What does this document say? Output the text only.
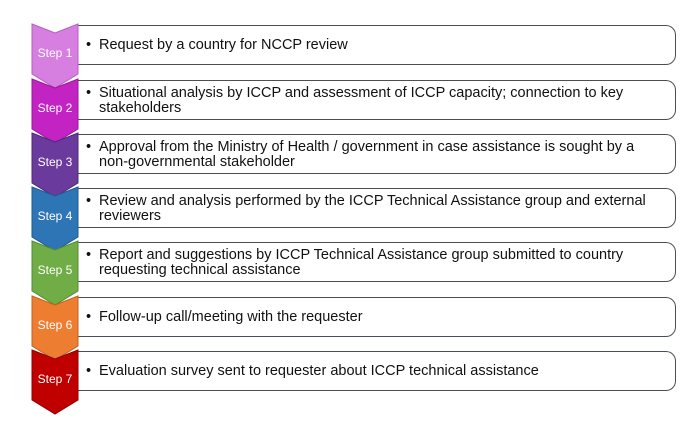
• Request by a country for NCCP review
Step 1
• Situational analysis by ICCP and assessment of ICCP capacity; connection to key stakeholders
Step 2
• Approval from the Ministry of Health / government in case assistance is sought by a non-governmental stakeholder
Step 3
• Review and analysis performed by the ICCP Technical Assistance group and external reviewers
Step 4
• Report and suggestions by ICCP Technical Assistance group submitted to country requesting technical assistance
Step 5
• Follow-up call/meeting with the requester
Step 6
• Evaluation survey sent to requester about ICCP technical assistance
Step 7
